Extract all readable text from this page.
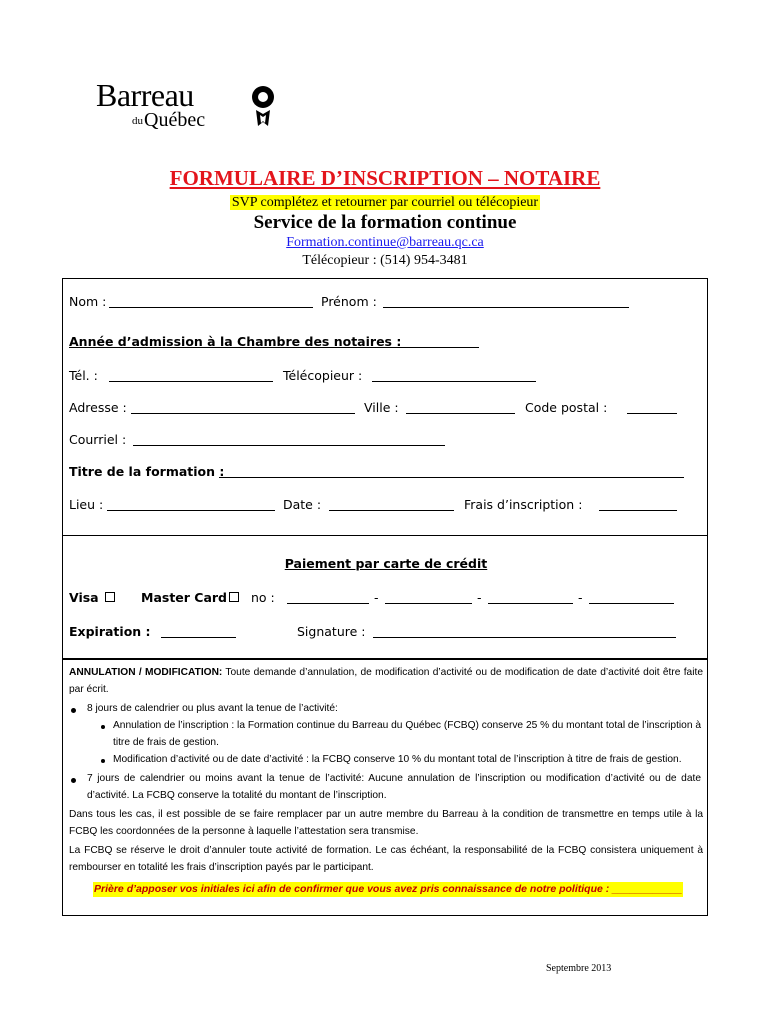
Barreau
duQuébec
FORMULAIRE D’INSCRIPTION – NOTAIRE
SVP complétez et retourner par courriel ou télécopieur
Service de la formation continue
Formation.continue@barreau.qc.ca
Télécopieur : (514) 954-3481
Nom :	Prénom :
Année d’admission à la Chambre des notaires :
Tél. :	Télécopieur :
Adresse :	Ville :	Code postal :
Courriel :
Titre de la formation :
Lieu :	Date :	Frais d’inscription :
Paiement par carte de crédit
Visa	Master Card no :	-	-	-
Expiration :	Signature :
ANNULATION / MODIFICATION: Toute demande d’annulation, de modification d’activité ou de modification de date d’activité doit être faite par écrit.
8 jours de calendrier ou plus avant la tenue de l’activité:
Annulation de l’inscription : la Formation continue du Barreau du Québec (FCBQ) conserve 25 % du montant total de l’inscription à titre de frais de gestion.
Modification d’activité ou de date d’activité : la FCBQ conserve 10 % du montant total de l’inscription à titre de frais de gestion.
7 jours de calendrier ou moins avant la tenue de l’activité: Aucune annulation de l’inscription ou modification d’activité ou de date d’activité. La FCBQ conserve la totalité du montant de l’inscription.
Dans tous les cas, il est possible de se faire remplacer par un autre membre du Barreau à la condition de transmettre en temps utile à la FCBQ les coordonnées de la personne à laquelle l’attestation sera transmise.
La FCBQ se réserve le droit d’annuler toute activité de formation. Le cas échéant, la responsabilité de la FCBQ consistera uniquement à rembourser en totalité les frais d’inscription payés par le participant.
Prière d’apposer vos initiales ici afin de confirmer que vous avez pris connaissance de notre politique : ____________
Septembre 2013
